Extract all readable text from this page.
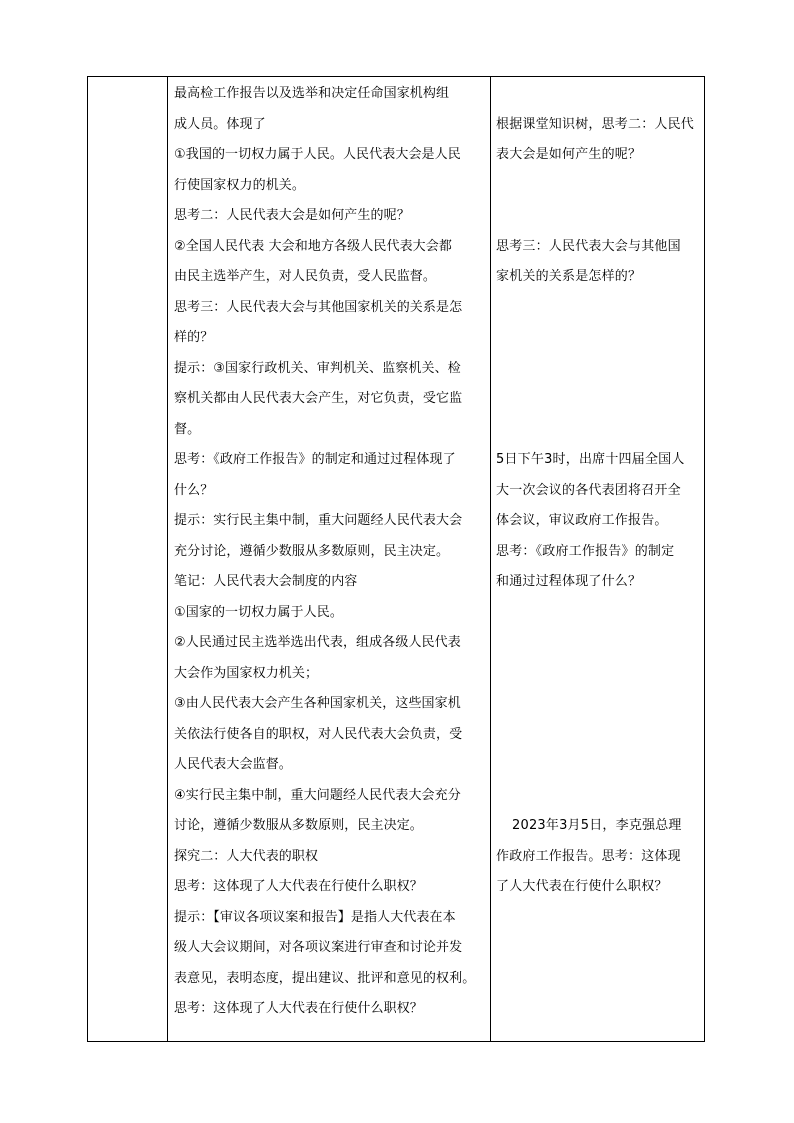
最高检工作报告以及选举和决定任命国家机构组
成人员。体现了
①我国的一切权力属于人民。人民代表大会是人民
行使国家权力的机关。
思考二：人民代表大会是如何产生的呢？
②全国人民代表 大会和地方各级人民代表大会都
由民主选举产生，对人民负责，受人民监督。
思考三：人民代表大会与其他国家机关的关系是怎
样的？
提示：③国家行政机关、审判机关、监察机关、检
察机关都由人民代表大会产生，对它负责，受它监
督。
思考：《政府工作报告》的制定和通过过程体现了
什么？
提示：实行民主集中制，重大问题经人民代表大会
充分讨论，遵循少数服从多数原则，民主决定。
笔记：人民代表大会制度的内容
①国家的一切权力属于人民。
②人民通过民主选举选出代表，组成各级人民代表
大会作为国家权力机关；
③由人民代表大会产生各种国家机关，这些国家机
关依法行使各自的职权，对人民代表大会负责，受
人民代表大会监督。
④实行民主集中制，重大问题经人民代表大会充分
讨论，遵循少数服从多数原则，民主决定。
探究二：人大代表的职权
思考：这体现了人大代表在行使什么职权？
提示：【审议各项议案和报告】是指人大代表在本
级人大会议期间，对各项议案进行审查和讨论并发
表意见，表明态度，提出建议、批评和意见的权利。
思考：这体现了人大代表在行使什么职权？
根据课堂知识树，思考二：人民代
表大会是如何产生的呢？
思考三：人民代表大会与其他国
家机关的关系是怎样的？
5日下午3时，出席十四届全国人
大一次会议的各代表团将召开全
体会议，审议政府工作报告。
思考：《政府工作报告》的制定
和通过过程体现了什么？
2023年3月5日，李克强总理
作政府工作报告。思考：这体现
了人大代表在行使什么职权？
